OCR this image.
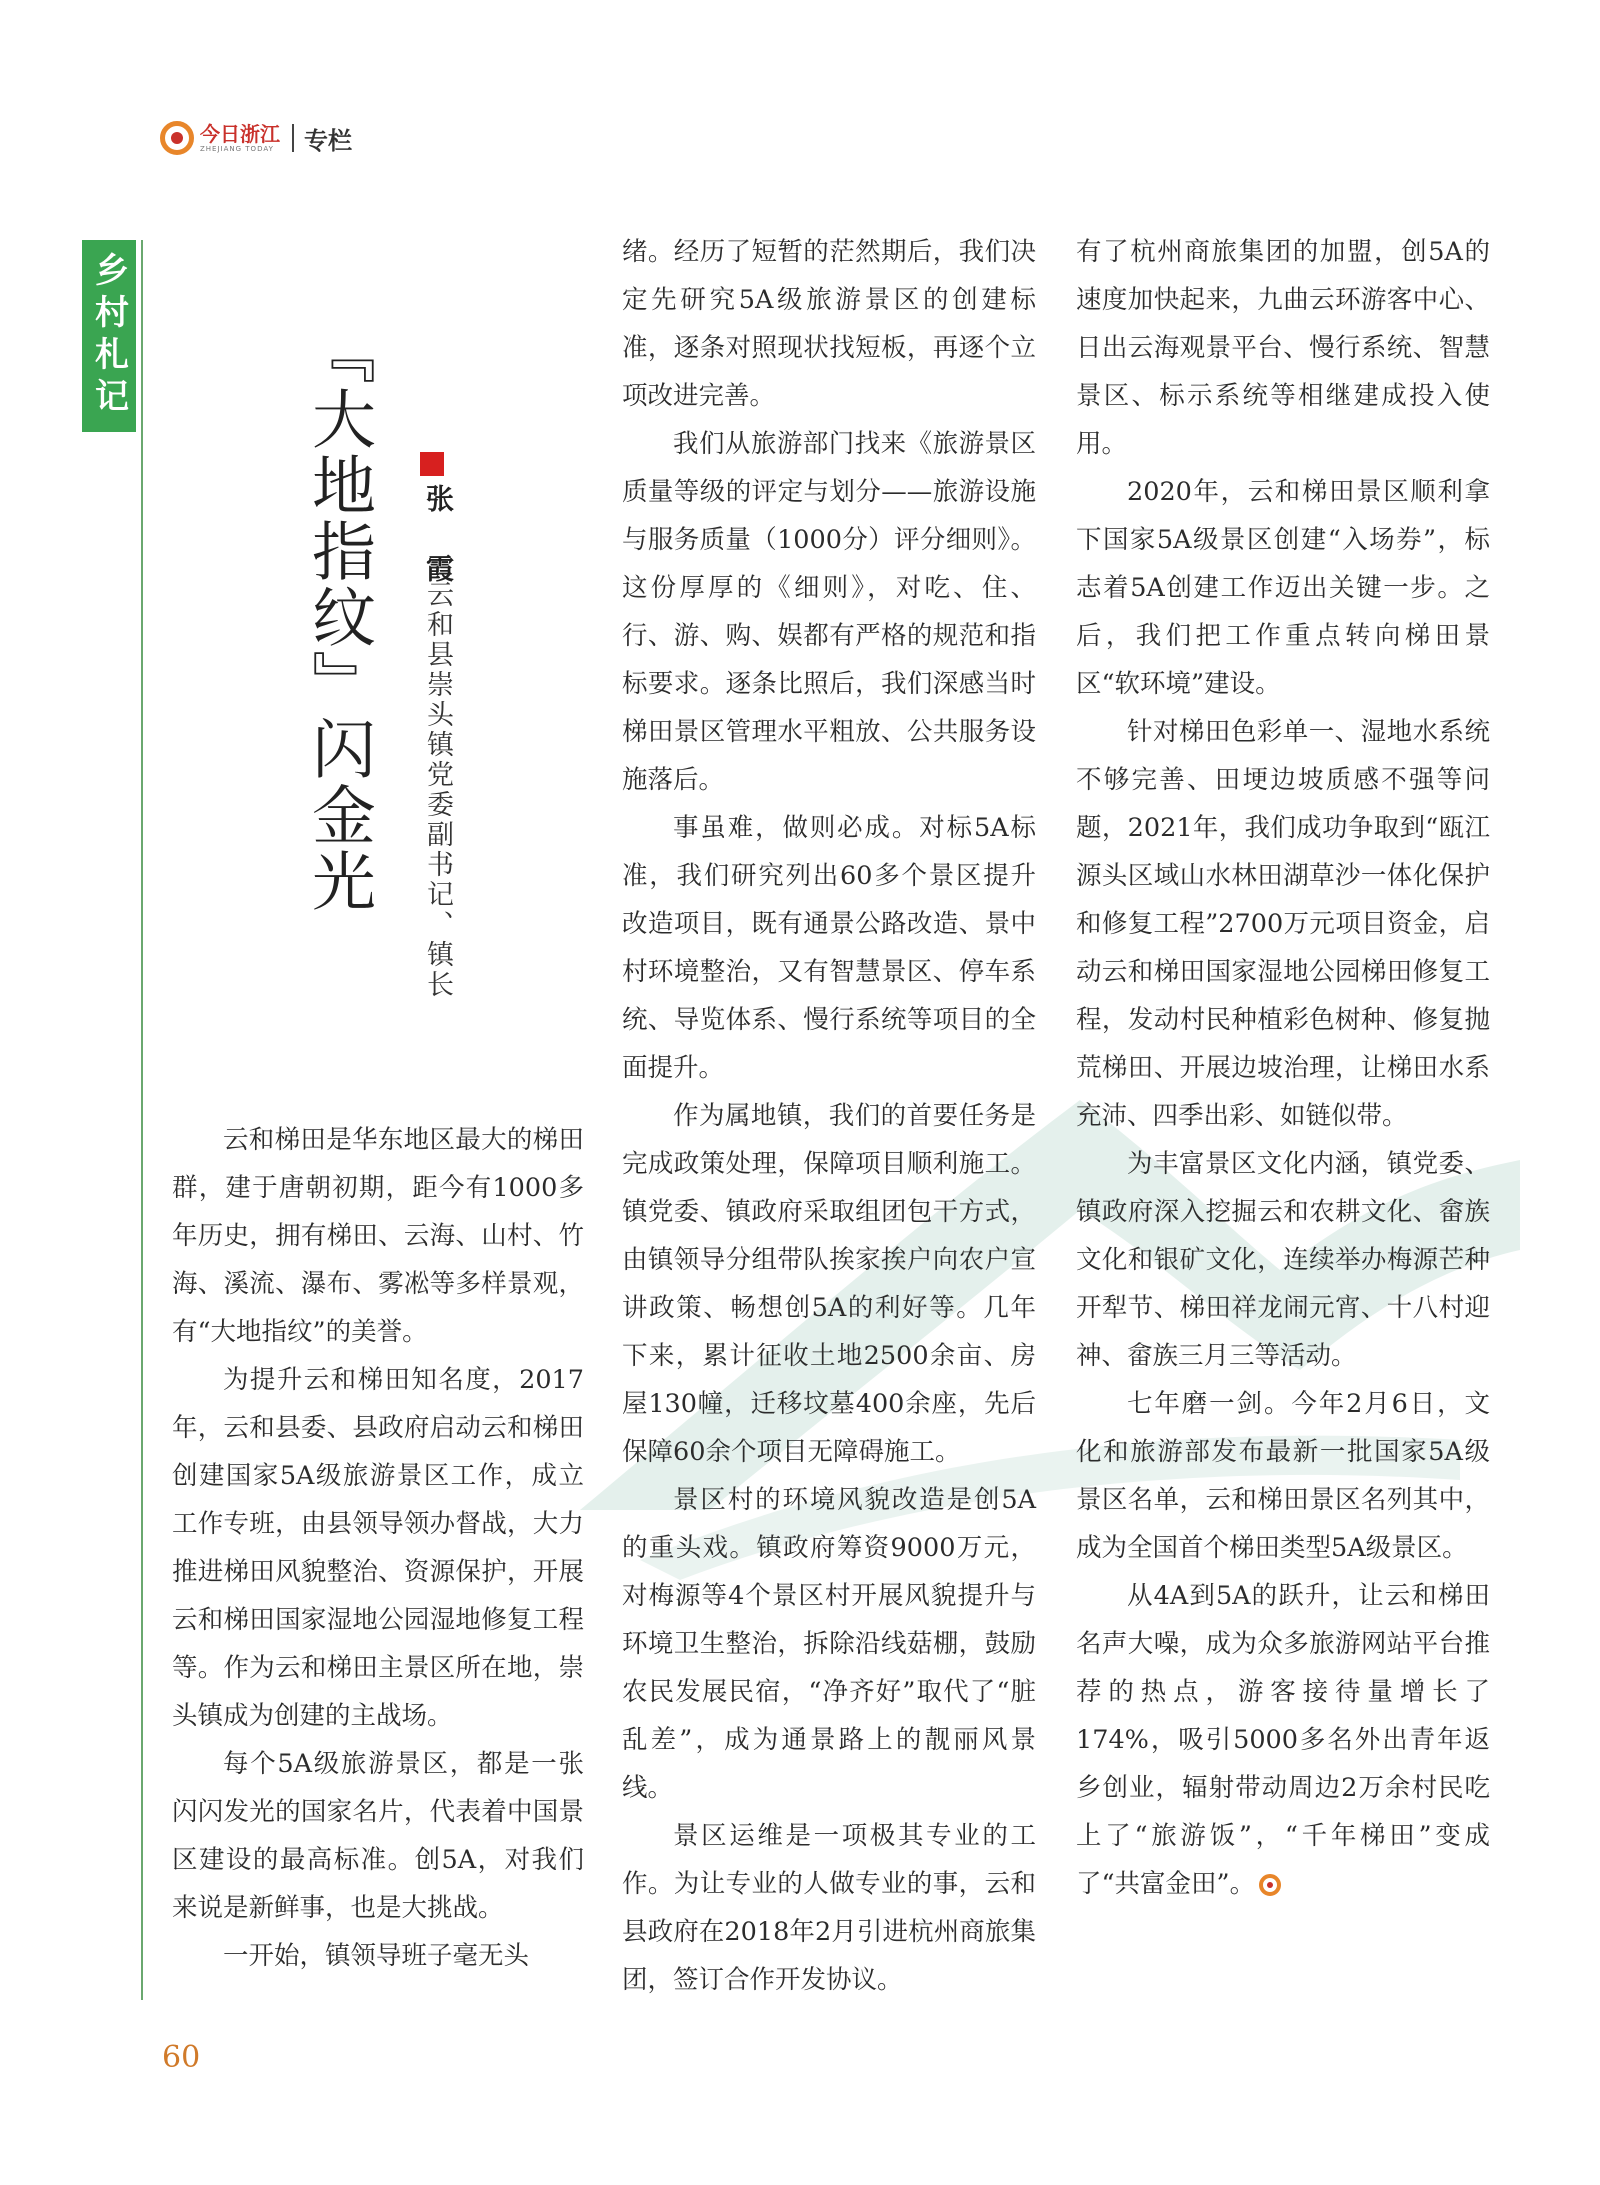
今日浙江
ZHEJIANG TODAY 专栏
乡村札记	『大地指纹』闪金光 张 霞
云和县崇头镇党委副书记、镇长

云和梯田是华东地区最大的梯田群，建于唐朝初期，距今有1000多年历史，拥有梯田、云海、山村、竹海、溪流、瀑布、雾凇等多样景观，有“大地指纹”的美誉。

为提升云和梯田知名度，2017年，云和县委、县政府启动云和梯田创建国家5A级旅游景区工作，成立工作专班，由县领导领办督战，大力推进梯田风貌整治、资源保护，开展云和梯田国家湿地公园湿地修复工程等。作为云和梯田主景区所在地，崇头镇成为创建的主战场。

每个5A级旅游景区，都是一张闪闪发光的国家名片，代表着中国景区建设的最高标准。创5A，对我们来说是新鲜事，也是大挑战。

一开始，镇领导班子毫无头

绪。经历了短暂的茫然期后，我们决定先研究5A级旅游景区的创建标准，逐条对照现状找短板，再逐个立项改进完善。

我们从旅游部门找来《旅游景区质量等级的评定与划分——旅游设施与服务质量（1000分）评分细则》。这份厚厚的《细则》，对吃、住、行、游、购、娱都有严格的规范和指标要求。逐条比照后，我们深感当时梯田景区管理水平粗放、公共服务设施落后。

事虽难，做则必成。对标5A标准，我们研究列出60多个景区提升改造项目，既有通景公路改造、景中村环境整治，又有智慧景区、停车系统、导览体系、慢行系统等项目的全面提升。

作为属地镇，我们的首要任务是完成政策处理，保障项目顺利施工。镇党委、镇政府采取组团包干方式，由镇领导分组带队挨家挨户向农户宣讲政策、畅想创5A的利好等。几年下来，累计征收土地2500余亩、房屋130幢，迁移坟墓400余座，先后保障60余个项目无障碍施工。

景区村的环境风貌改造是创5A的重头戏。镇政府筹资9000万元，对梅源等4个景区村开展风貌提升与环境卫生整治，拆除沿线菇棚，鼓励农民发展民宿，“净齐好”取代了“脏乱差”，成为通景路上的靓丽风景线。

景区运维是一项极其专业的工作。为让专业的人做专业的事，云和县政府在2018年2月引进杭州商旅集团，签订合作开发协议。

有了杭州商旅集团的加盟，创5A的速度加快起来，九曲云环游客中心、日出云海观景平台、慢行系统、智慧景区、标示系统等相继建成投入使用。

2020年，云和梯田景区顺利拿下国家5A级景区创建“入场券”，标志着5A创建工作迈出关键一步。之后，我们把工作重点转向梯田景区“软环境”建设。

针对梯田色彩单一、湿地水系统不够完善、田埂边坡质感不强等问题，2021年，我们成功争取到“瓯江源头区域山水林田湖草沙一体化保护和修复工程”2700万元项目资金，启动云和梯田国家湿地公园梯田修复工程，发动村民种植彩色树种、修复抛荒梯田、开展边坡治理，让梯田水系充沛、四季出彩、如链似带。

为丰富景区文化内涵，镇党委、镇政府深入挖掘云和农耕文化、畲族文化和银矿文化，连续举办梅源芒种开犁节、梯田祥龙闹元宵、十八村迎神、畲族三月三等活动。

七年磨一剑。今年2月6日，文化和旅游部发布最新一批国家5A级景区名单，云和梯田景区名列其中，成为全国首个梯田类型5A级景区。

从4A到5A的跃升，让云和梯田名声大噪，成为众多旅游网站平台推荐的热点，游客接待量增长了174%，吸引5000多名外出青年返乡创业，辐射带动周边2万余村民吃上了“旅游饭”，“千年梯田”变成了“共富金田”。

60
